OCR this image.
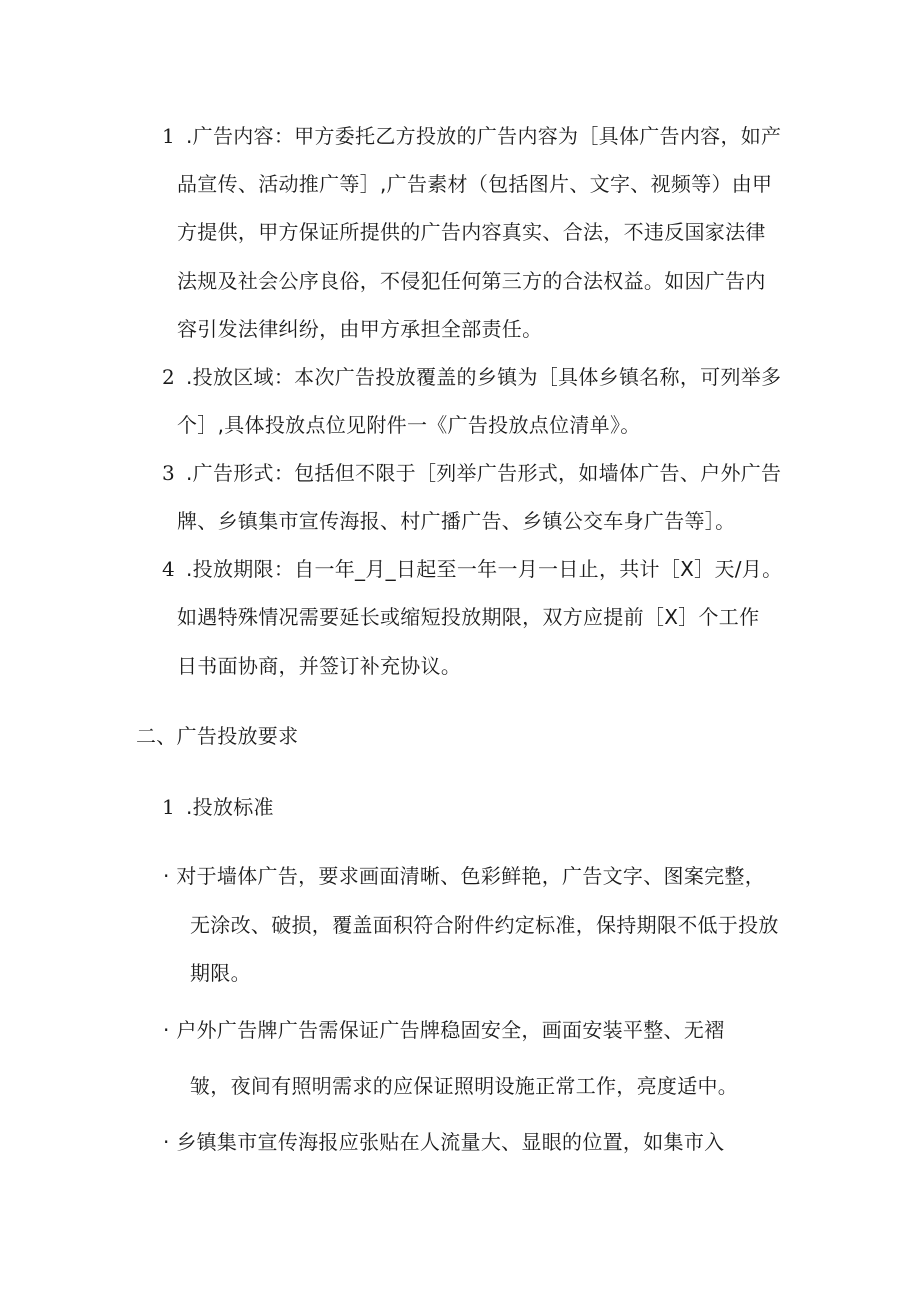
1 .广告内容：甲方委托乙方投放的广告内容为［具体广告内容，如产
品宣传、活动推广等］,广告素材（包括图片、文字、视频等）由甲
方提供，甲方保证所提供的广告内容真实、合法，不违反国家法律
法规及社会公序良俗，不侵犯任何第三方的合法权益。如因广告内
容引发法律纠纷，由甲方承担全部责任。
2 .投放区域：本次广告投放覆盖的乡镇为［具体乡镇名称，可列举多
个］,具体投放点位见附件一《广告投放点位清单》。
3 .广告形式：包括但不限于［列举广告形式，如墙体广告、户外广告
牌、乡镇集市宣传海报、村广播广告、乡镇公交车身广告等］。
4 .投放期限：自一年_月_日起至一年一月一日止，共计［X］天/月。
如遇特殊情况需要延长或缩短投放期限，双方应提前［X］个工作
日书面协商，并签订补充协议。
二、广告投放要求
1 .投放标准
· 对于墙体广告，要求画面清晰、色彩鲜艳，广告文字、图案完整，
无涂改、破损，覆盖面积符合附件约定标准，保持期限不低于投放
期限。
· 户外广告牌广告需保证广告牌稳固安全，画面安装平整、无褶
皱，夜间有照明需求的应保证照明设施正常工作，亮度适中。
· 乡镇集市宣传海报应张贴在人流量大、显眼的位置，如集市入
